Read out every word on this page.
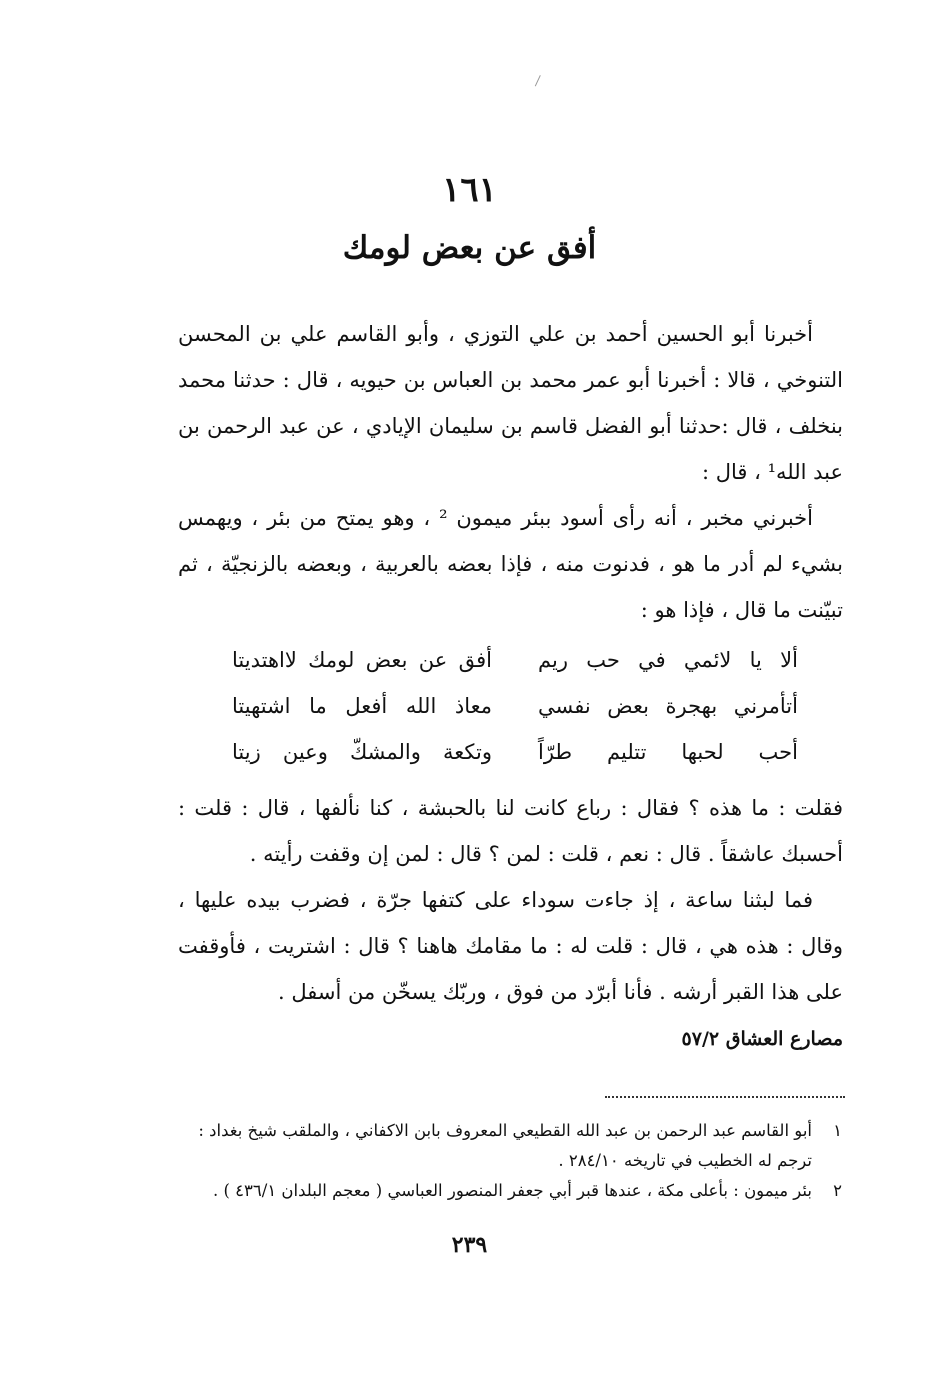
١٦١
أفق عن بعض لومك

أخبرنا أبو الحسين أحمد بن علي التوزي ، وأبو القاسم علي بن المحسن التنوخي ، قالا : أخبرنا أبو عمر محمد بن العباس بن حيويه ، قال : حدثنا محمد بنخلف ، قال :حدثنا أبو الفضل قاسم بن سليمان الإيادي ، عن عبد الرحمن بن عبد الله¹ ، قال :

أخبرني مخبر ، أنه رأى أسود ببئر ميمون ² ، وهو يمتح من بئر ، ويهمس بشيء لم أدر ما هو ، فدنوت منه ، فإذا بعضه بالعربية ، وبعضه بالزنجيّة ، ثم تبيّنت ما قال ، فإذا هو :

ألا يا لائمي في حب ريم
أفق عن بعض لومك لااهتديتا
أتأمرني بهجرة بعض نفسي
معاذ الله أفعل ما اشتهيتا
أحب لحبها تتليم طرّاً
وتكعة والمشكّ وعين زيتا

فقلت : ما هذه ؟ فقال : رباع كانت لنا بالحبشة ، كنا نألفها ، قال : قلت : أحسبك عاشقاً . قال : نعم ، قلت : لمن ؟ قال : لمن إن وقفت رأيته .

فما لبثنا ساعة ، إذ جاءت سوداء على كتفها جرّة ، فضرب بيده عليها ، وقال : هذه هي ، قال : قلت له : ما مقامك هاهنا ؟ قال : اشتريت ، فأوقفت على هذا القبر أرشه . فأنا أبرّد من فوق ، وربّك يسخّن من أسفل .

مصارع العشاق ٥٧/٢
١
أبو القاسم عبد الرحمن بن عبد الله القطيعي المعروف بابن الاكفاني ، والملقب شيخ بغداد :
ترجم له الخطيب في تاريخه ٢٨٤/١٠ .
٢
بئر ميمون : بأعلى مكة ، عندها قبر أبي جعفر المنصور العباسي ( معجم البلدان ٤٣٦/١ ) .
٢٣٩
